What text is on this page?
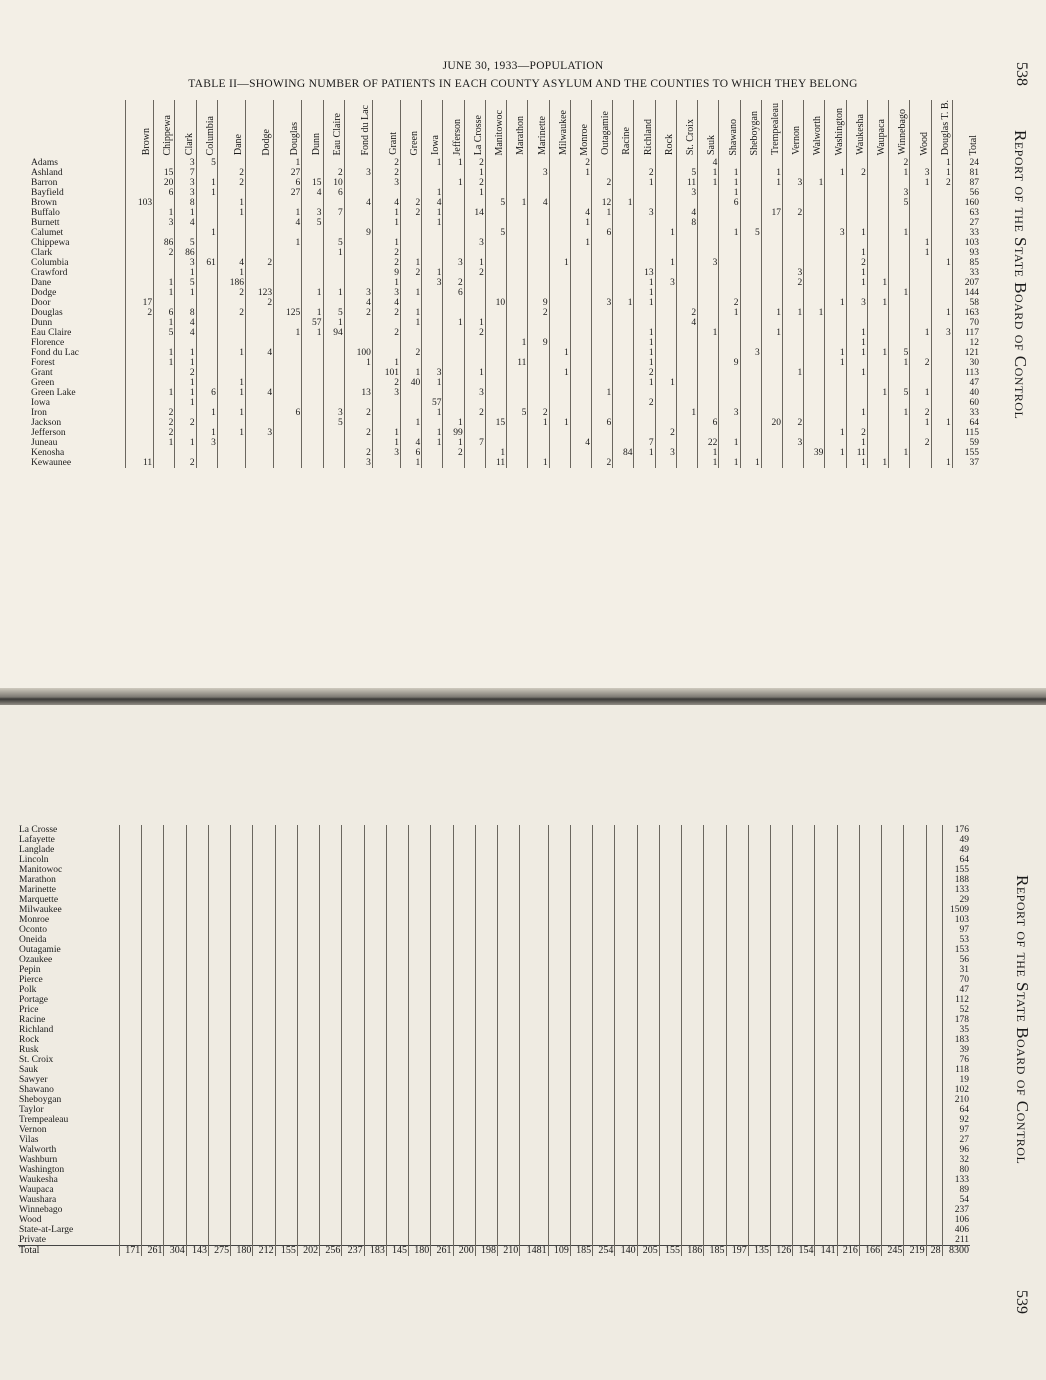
JUNE 30, 1933—POPULATION
TABLE II—SHOWING NUMBER OF PATIENTS IN EACH COUNTY ASYLUM AND THE COUNTIES TO WHICH THEY BELONG	538
Report of the State Board of Control
	Brown	Chippewa	Clark	Columbia	Dane	Dodge	Douglas	Dunn	Eau Claire	Fond du Lac	Grant	Green	Iowa	Jefferson	La Crosse	Manitowoc	Marathon	Marinette	Milwaukee	Monroe	Outagamie	Racine	Richland	Rock	St. Croix	Sauk	Shawano	Sheboygan	Trempealeau	Vernon	Walworth	Washington	Waukesha	Waupaca	Winnebago	Wood	Douglas T. B.	Total
Adams			3	5			1				2		1	1	2					2						4									2		1	24
Ashland		15	7		2		27		2	3	2				1			3		1			2		5	1	1		1			1	2		1	3	1	81
Barron		20	3	1	2		6	15	10		3			1	2						2		1		11	1	1		1	3	1					1	2	87
Bayfield		6	3	1			27	4	6				1		1										3		1								3			56
Brown	103		8		1					4	4	2	4			5	1	4			12	1					6								5			160
Buffalo		1	1		1		1	3	7		1	2	1		14					4	1		3		4				17	2								63
Burnett		3	4				4	5			1		1							1					8													27
Calumet				1						9						5					6			1			1	5				3	1		1			33
Chippewa		86	5				1		5		1				3					1																1		103
Clark		2	86						1		2																						1			1		93
Columbia			3	61	4	2					2	1		3	1				1					1		3							2				1	85
Crawford			1		1						9	2	1		2								13							3			1					33
Dane		1	5		186						1		3	2									1	3						2			1	1				207
Dodge		1	1		2	123		1	1	3	3	1		6									1												1			144
Door	17					2				4	4					10		9			3	1	1				2					1	3	1				58
Douglas	2	6	8		2		125	1	5	2	2	1						2							2		1		1	1	1						1	163
Dunn		1	4					57	1			1		1	1										4													70
Eau Claire		5	4				1	1	94		2				2								1			1			1				1			1	3	117
Florence																	1	9					1										1					12
Fond du Lac		1	1		1	4				100		2							1				1					3				1	1	1	5			121
Forest		1	1							1	1						11						1				9					1			1	2		30
Grant			2								101	1	3		1				1				2							1			1					113
Green			1		1						2	40	1										1	1														47
Green Lake		1	1	6	1	4				13	3				3						1													1	5	1		40
Iowa			1										57										2															60
Iron		2		1	1		6		3	2			1		2		5	2							1		3						1		1	2		33
Jackson		2	2						5			1		1		15		1	1		6					6			20	2						1	1	64
Jefferson		2		1	1	3				2	1		1	99										2								1	2					115
Juneau		1	1	3							1	4	1	1	7					4			7			22	1			3			1			2		59
Kenosha										2	3	6		2		1						84	1	3		1					39	1	11		1			155
Kewaunee	11		2							3		1				11		1			2					1	1	1					1	1			1	37
Report of the State Board of Control
539
La Crosse																																						176
Lafayette																																						49
Langlade																																						49
Lincoln																																						64
Manitowoc																																						155
Marathon																																						188
Marinette																																						133
Marquette																																						29
Milwaukee																																						1509
Monroe																																						103
Oconto																																						97
Oneida																																						53
Outagamie																																						153
Ozaukee																																						56
Pepin																																						31
Pierce																																						70
Polk																																						47
Portage																																						112
Price																																						52
Racine																																						178
Richland																																						35
Rock																																						183
Rusk																																						39
St. Croix																																						76
Sauk																																						118
Sawyer																																						19
Shawano																																						102
Sheboygan																																						210
Taylor																																						64
Trempealeau																																						92
Vernon																																						97
Vilas																																						27
Walworth																																						96
Washburn																																						32
Washington																																						80
Waukesha																																						133
Waupaca																																						89
Waushara																																						54
Winnebago																																						237
Wood																																						106
State-at-Large																																						406
Private																																						211
Total	171	261	304	143	275	180	212	155	202	256	237	183	145	180	261	200	198	210	1481	109	185	254	140	205	155	186	185	197	135	126	154	141	216	166	245	219	28	8300
